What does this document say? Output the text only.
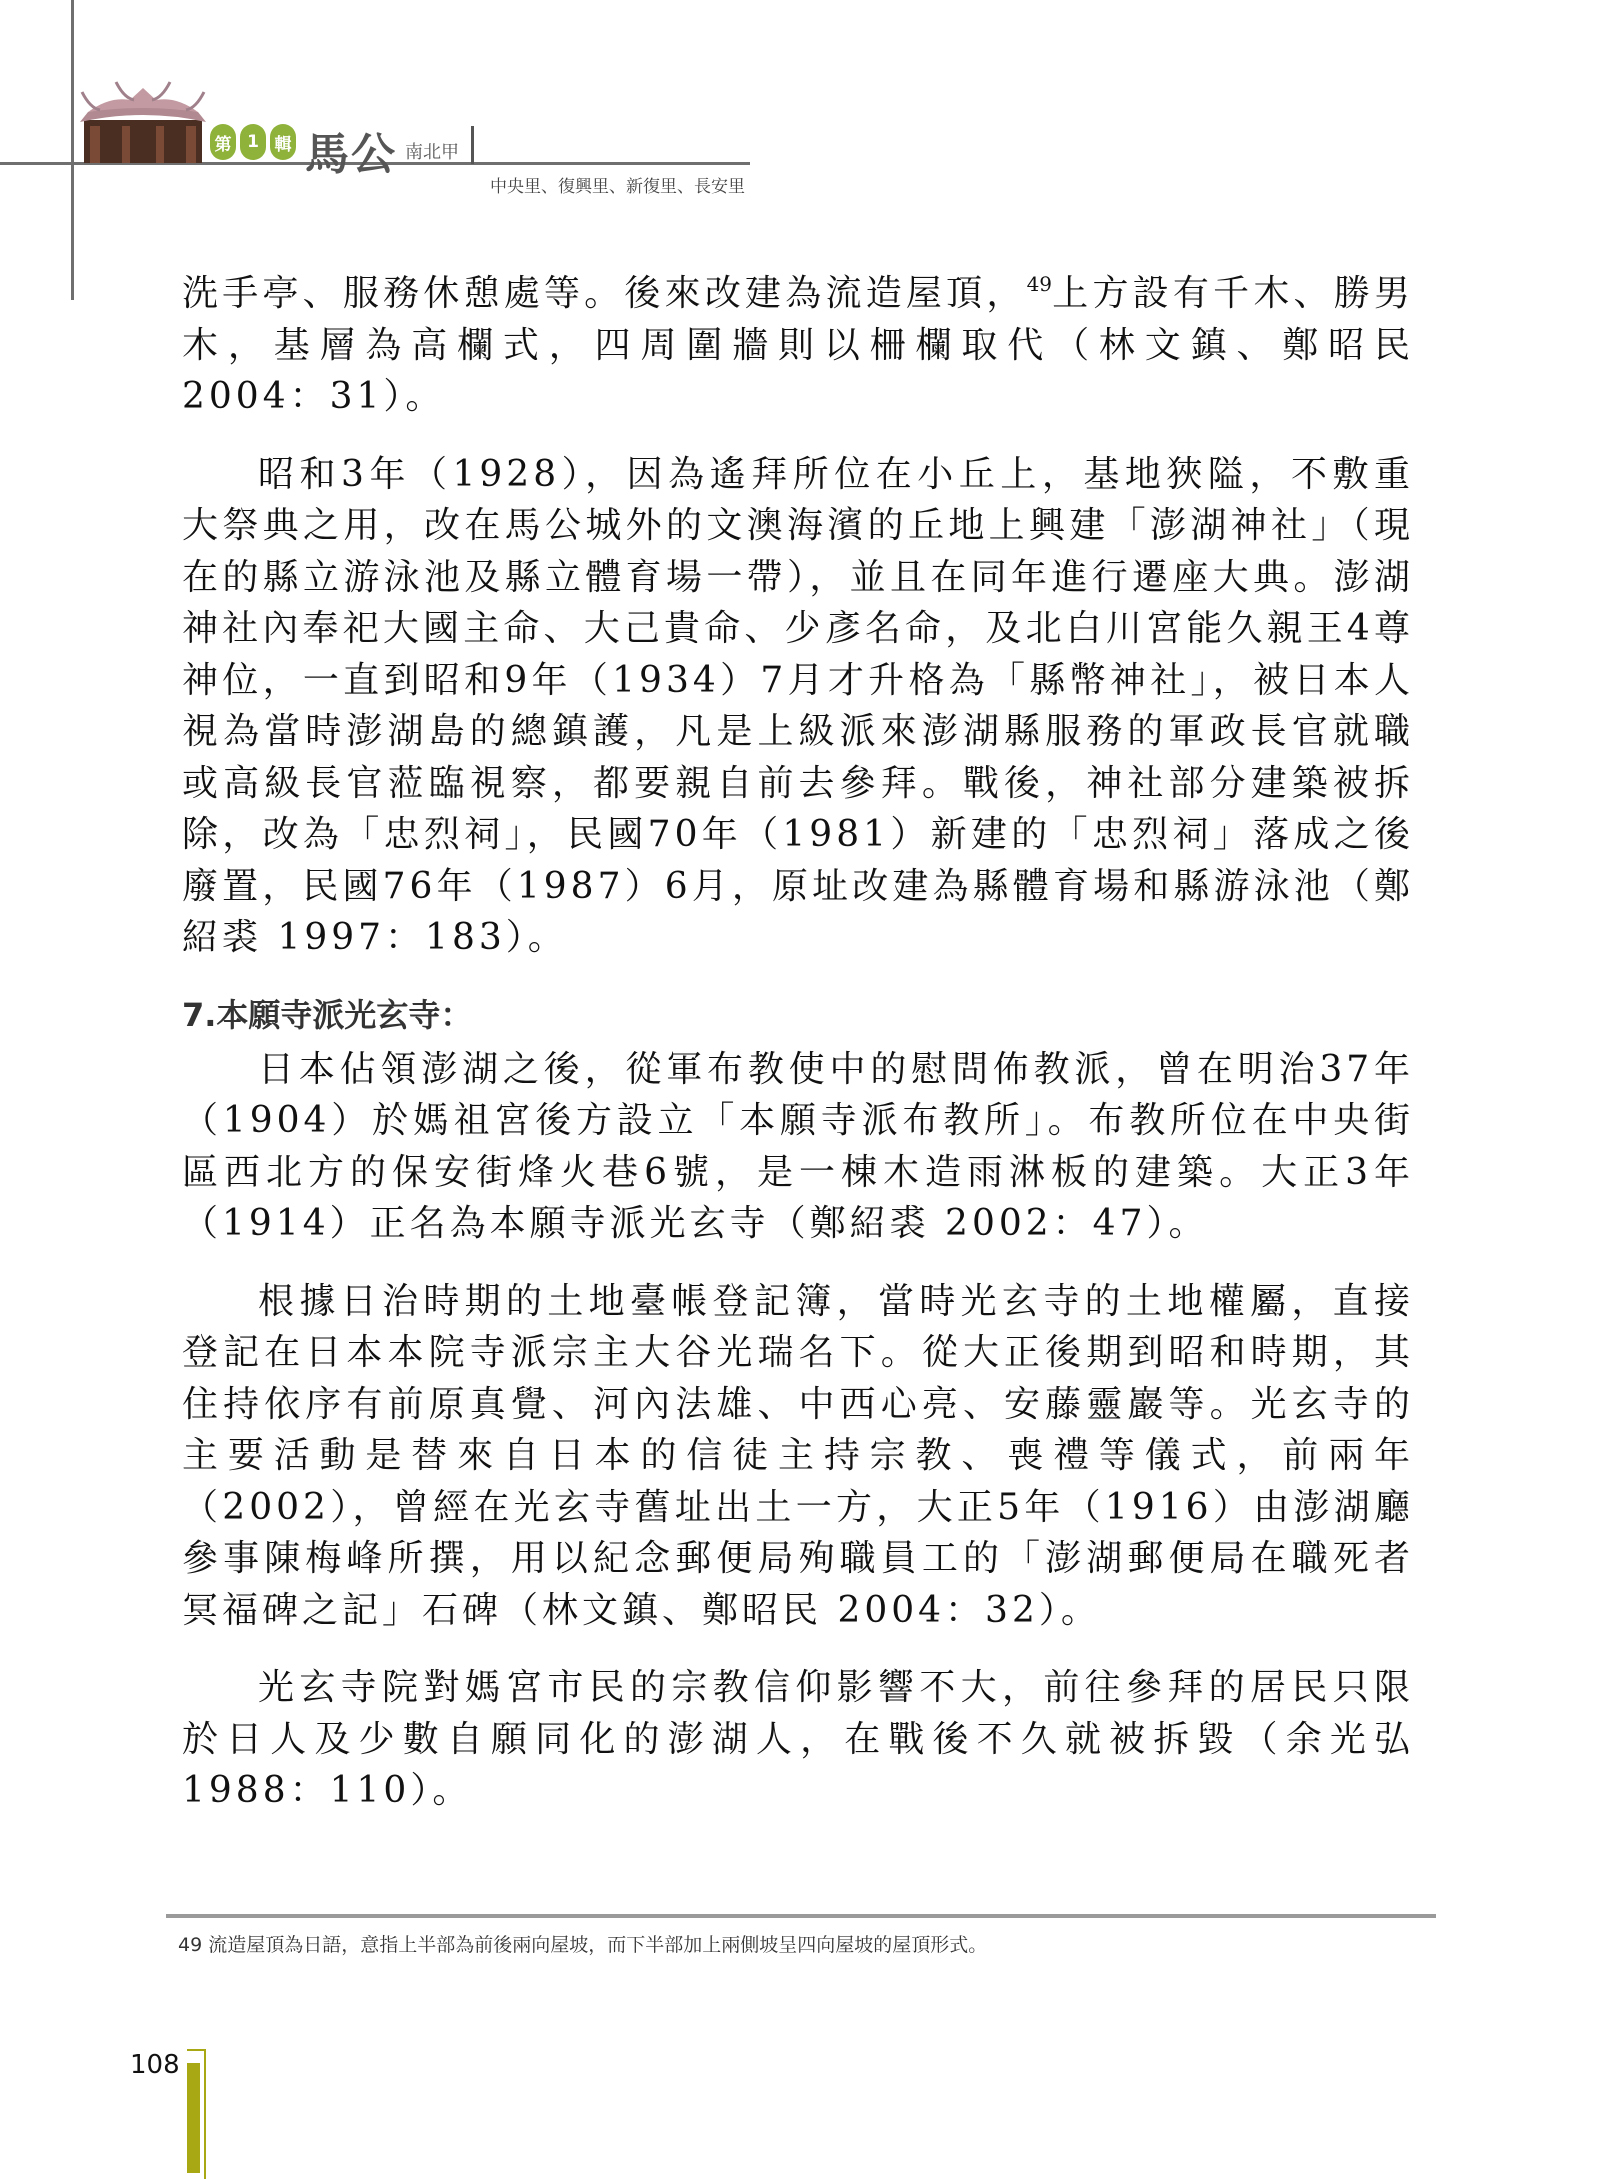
第 1 輯 馬公 南北甲
中央里、復興里、新復里、長安里

洗手亭、服務休憩處等。後來改建為流造屋頂，$^{49}$上方設有千木、勝男木，基層為高欄式，四周圍牆則以柵欄取代（林文鎮、鄭昭民 2004：31）。

昭和3年（1928），因為遙拜所位在小丘上，基地狹隘，不敷重大祭典之用，改在馬公城外的文澳海濱的丘地上興建「澎湖神社」（現在的縣立游泳池及縣立體育場一帶），並且在同年進行遷座大典。澎湖神社內奉祀大國主命、大己貴命、少彥名命，及北白川宮能久親王4尊神位，一直到昭和9年（1934）7月才升格為「縣幣神社」，被日本人視為當時澎湖島的總鎮護，凡是上級派來澎湖縣服務的軍政長官就職或高級長官蒞臨視察，都要親自前去參拜。戰後，神社部分建築被拆除，改為「忠烈祠」，民國70年（1981）新建的「忠烈祠」落成之後廢置，民國76年（1987）6月，原址改建為縣體育場和縣游泳池（鄭紹裘 1997：183）。

7.本願寺派光玄寺：

日本佔領澎湖之後，從軍布教使中的慰問佈教派，曾在明治37年（1904）於媽祖宮後方設立「本願寺派布教所」。布教所位在中央街區西北方的保安街烽火巷6號，是一棟木造雨淋板的建築。大正3年（1914）正名為本願寺派光玄寺（鄭紹裘 2002：47）。

根據日治時期的土地臺帳登記簿，當時光玄寺的土地權屬，直接登記在日本本院寺派宗主大谷光瑞名下。從大正後期到昭和時期，其住持依序有前原真覺、河內法雄、中西心亮、安藤靈巖等。光玄寺的主要活動是替來自日本的信徒主持宗教、喪禮等儀式，前兩年（2002），曾經在光玄寺舊址出土一方，大正5年（1916）由澎湖廳參事陳梅峰所撰，用以紀念郵便局殉職員工的「澎湖郵便局在職死者冥福碑之記」石碑（林文鎮、鄭昭民 2004：32）。

光玄寺院對媽宮市民的宗教信仰影響不大，前往參拜的居民只限於日人及少數自願同化的澎湖人，在戰後不久就被拆毀（余光弘 1988：110）。

49 流造屋頂為日語，意指上半部為前後兩向屋坡，而下半部加上兩側坡呈四向屋坡的屋頂形式。
108
